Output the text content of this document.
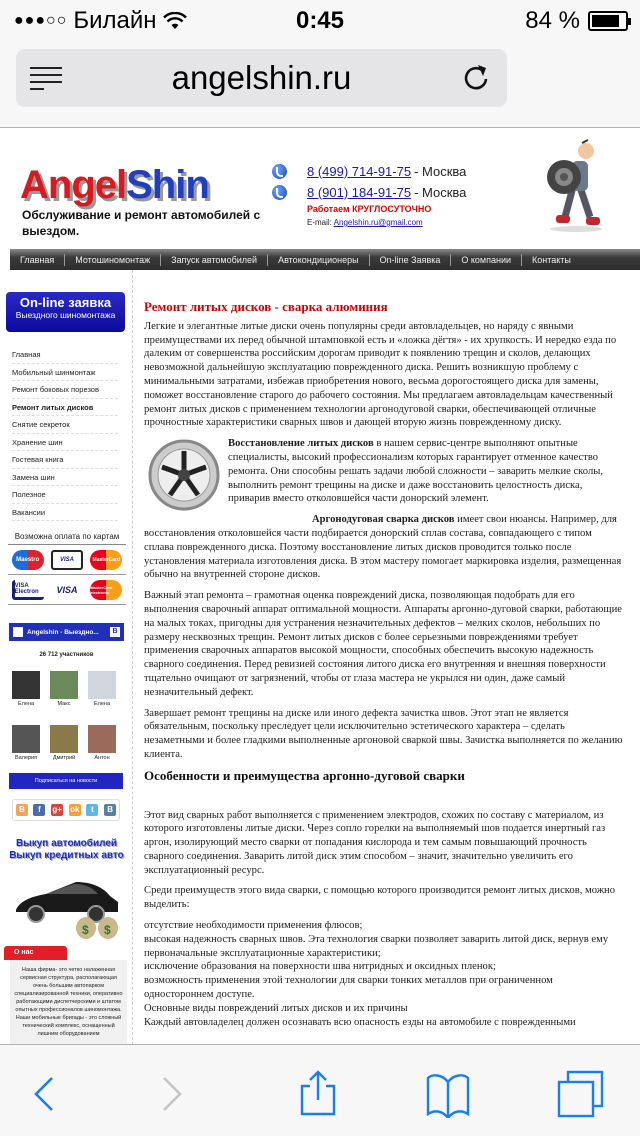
●●●○○ Билайн	0:45	84 %
angelshin.ru
AngelShin
Обслуживание и ремонт автомобилей с выездом.
8 (499) 714-91-75 - Москва
8 (901) 184-91-75 - Москва
Работаем КРУГЛОСУТОЧНО
E-mail: Angelshin.ru@gmail.com
Главная	Мотошиномонтаж	Запуск автомобилей	Автокондиционеры	On-line Заявка	О компании	Контакты
On-line заявка
Выездного шиномонтажа
Главная
Мобильный шинмонтаж
Ремонт боковых порезов
Ремонт литых дисков
Снятие секреток
Хранение шин
Гостевая книга
Замена шин
Полезное
Вакансии
Возможна оплата по картам
Maestro	VISA	MasterCard
VISA Electron	VISA	MasterCard electronic
Angelshin - Выездно...	B
26 712 участников
Елена	Макс	Елена
Валерия	Дмитрий	Антон
Подписаться на новости
B	f	g+ ok	t	B
Выкуп автомобилей
Выкуп кредитных авто
$ $
О нас
Наша фирма- это четко налаженная сервисная структура, располагающая очень большим автопарком специализированной техники, оперативно работающими диспетчерскими и штатом опытных профессионалов шиномонтажа. Наши мобильные бригады - это сложный технический комплекс, оснащенный лишним оборудованием
Ремонт литых дисков - сварка алюминия

Легкие и элегантные литые диски очень популярны среди автовладельцев, но наряду с явными преимуществами их перед обычной штамповкой есть и «ложка дёгтя» - их хрупкость. И нередко езда по далеким от совершенства российским дорогам приводит к появлению трещин и сколов, делающих невозможной дальнейшую эксплуатацию поврежденного диска. Решить возникшую проблему с минимальными затратами, избежав приобретения нового, весьма дорогостоящего диска для замены, поможет восстановление старого до рабочего состояния. Мы предлагаем автовладельцам качественный ремонт литых дисков с применением технологии аргонодуговой сварки, обеспечивающей отличные прочностные характеристики сварных швов и дающей вторую жизнь поврежденному диску.

Восстановление литых дисков в нашем сервис-центре выполняют опытные специалисты, высокий профессионализм которых гарантирует отменное качество ремонта. Они способны решать задачи любой сложности – заварить мелкие сколы, выполнить ремонт трещины на диске и даже восстановить целостность диска, приварив вместо отколовшейся части донорский элемент.

Аргонодуговая сварка дисков имеет свои нюансы. Например, для восстановления отколовшейся части подбирается донорский сплав состава, совпадающего с типом сплава поврежденного диска. Поэтому восстановление литых дисков проводится только после установления материала изготовления диска. В этом мастеру помогает маркировка изделия, размещенная обычно на внутренней стороне дисков.

Важный этап ремонта – грамотная оценка повреждений диска, позволяющая подобрать для его выполнения сварочный аппарат оптимальной мощности. Аппараты аргонно-дуговой сварки, работающие на малых токах, пригодны для устранения незначительных дефектов – мелких сколов, небольших по размеру несквозных трещин. Ремонт литых дисков с более серьезными повреждениями требует применения сварочных аппаратов высокой мощности, способных обеспечить высокую надежность сварного соединения. Перед ревизией состояния литого диска его внутренняя и внешняя поверхности тщательно очищают от загрязнений, чтобы от глаза мастера не укрылся ни один, даже самый незначительный дефект.

Завершает ремонт трещины на диске или иного дефекта зачистка швов. Этот этап не является обязательным, поскольку преследует цели исключительно эстетического характера – сделать незаметными и более гладкими выполненные аргоновой сваркой швы. Зачистка выполняется по желанию клиента.

Особенности и преимущества аргонно-дуговой сварки

Этот вид сварных работ выполняется с применением электродов, схожих по составу с материалом, из которого изготовлены литые диски. Через сопло горелки на выполняемый шов подается инертный газ аргон, изолирующий место сварки от попадания кислорода и тем самым повышающий прочность сварного соединения. Заварить литой диск этим способом – значит, значительно увеличить его эксплуатационный ресурс.

Среди преимуществ этого вида сварки, с помощью которого производится ремонт литых дисков, можно выделить:

отсутствие необходимости применения флюсов;
высокая надежность сварных швов. Эта технология сварки позволяет заварить литой диск, вернув ему первоначальные эксплуатационные характеристики;
исключение образования на поверхности шва нитридных и оксидных пленок;
возможность применения этой технологии для сварки тонких металлов при ограниченном одностороннем доступе.
Основные виды повреждений литых дисков и их причины
Каждый автовладелец должен осознавать всю опасность езды на автомобиле с поврежденными
